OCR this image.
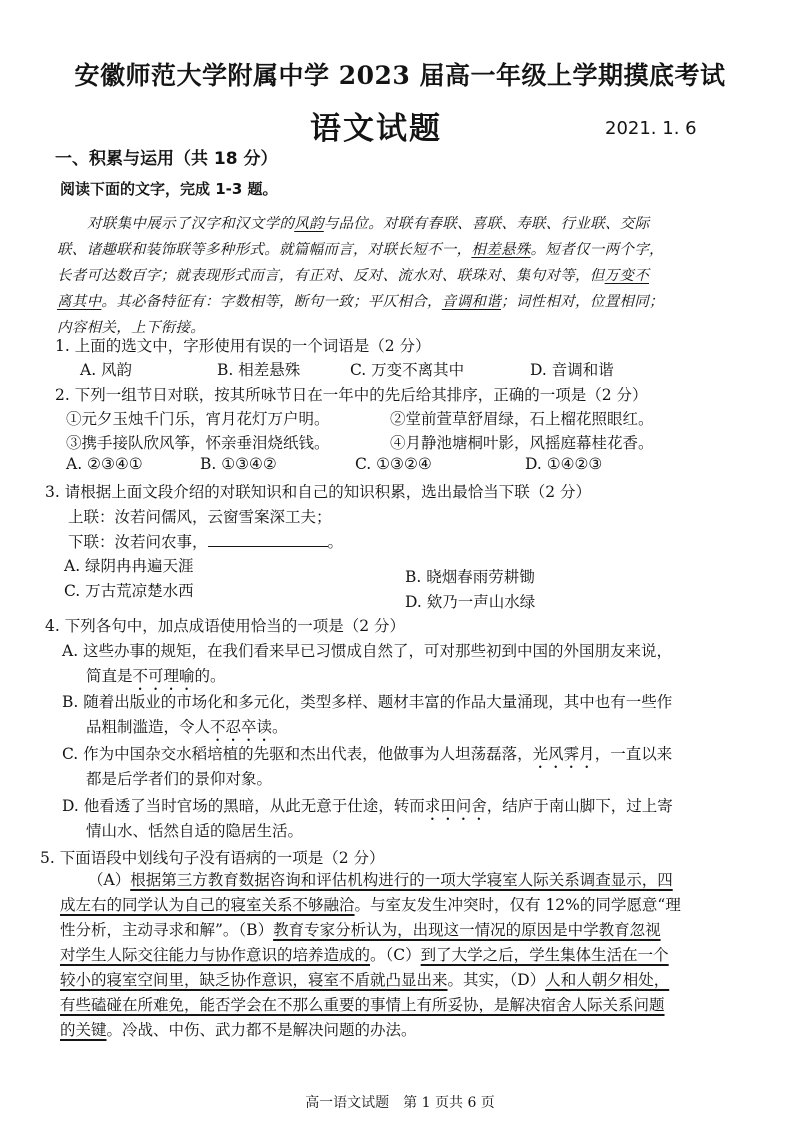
安徽师范大学附属中学 2023 届高一年级上学期摸底考试
语文试题	2021. 1. 6
一、积累与运用（共 18 分）
阅读下面的文字，完成 1-3 题。
对联集中展示了汉字和汉文学的风韵与品位。对联有春联、喜联、寿联、行业联、交际
联、诸趣联和装饰联等多种形式。就篇幅而言，对联长短不一，相差悬殊。短者仅一两个字，
长者可达数百字；就表现形式而言，有正对、反对、流水对、联珠对、集句对等，但万变不
离其中。其必备特征有：字数相等，断句一致；平仄相合，音调和谐；词性相对，位置相同；
内容相关，上下衔接。
1. 上面的选文中，字形使用有误的一个词语是（2 分）
A. 风韵	B. 相差悬殊	C. 万变不离其中	D. 音调和谐
2. 下列一组节日对联，按其所咏节日在一年中的先后给其排序，正确的一项是（2 分）
①元夕玉烛千门乐，宵月花灯万户明。	②堂前萱草舒眉绿，石上榴花照眼红。
③携手接队欣风筝，怀亲垂泪烧纸钱。	④月静池塘桐叶影，风摇庭幕桂花香。
A. ②③④①	B. ①③④②	C. ①③②④	D. ①④②③
3. 请根据上面文段介绍的对联知识和自己的知识积累，选出最恰当下联（2 分）
上联：汝若问儒风，云窗雪案深工夫；
下联：汝若问农事，	。
A. 绿阴冉冉遍天涯
B. 晓烟春雨劳耕锄
C. 万古荒凉楚水西
D. 欸乃一声山水绿
4. 下列各句中，加点成语使用恰当的一项是（2 分）
A. 这些办事的规矩，在我们看来早已习惯成自然了，可对那些初到中国的外国朋友来说，
简直是不可理喻的。
B. 随着出版业的市场化和多元化，类型多样、题材丰富的作品大量涌现，其中也有一些作
品粗制滥造，令人不忍卒读。
C. 作为中国杂交水稻培植的先驱和杰出代表，他做事为人坦荡磊落，光风霁月，一直以来
都是后学者们的景仰对象。
D. 他看透了当时官场的黑暗，从此无意于仕途，转而求田问舍，结庐于南山脚下，过上寄
情山水、恬然自适的隐居生活。
5. 下面语段中划线句子没有语病的一项是（2 分）
（A）根据第三方教育数据咨询和评估机构进行的一项大学寝室人际关系调查显示，四
成左右的同学认为自己的寝室关系不够融洽。与室友发生冲突时，仅有 12%的同学愿意“理
性分析，主动寻求和解”。（B）教育专家分析认为，出现这一情况的原因是中学教育忽视
对学生人际交往能力与协作意识的培养造成的。（C）到了大学之后，学生集体生活在一个
较小的寝室空间里，缺乏协作意识，寝室不盾就凸显出来。其实，（D）人和人朝夕相处，
有些磕碰在所难免，能否学会在不那么重要的事情上有所妥协，是解决宿舍人际关系问题
的关键。冷战、中伤、武力都不是解决问题的办法。
高一语文试题　第 1 页共 6 页
